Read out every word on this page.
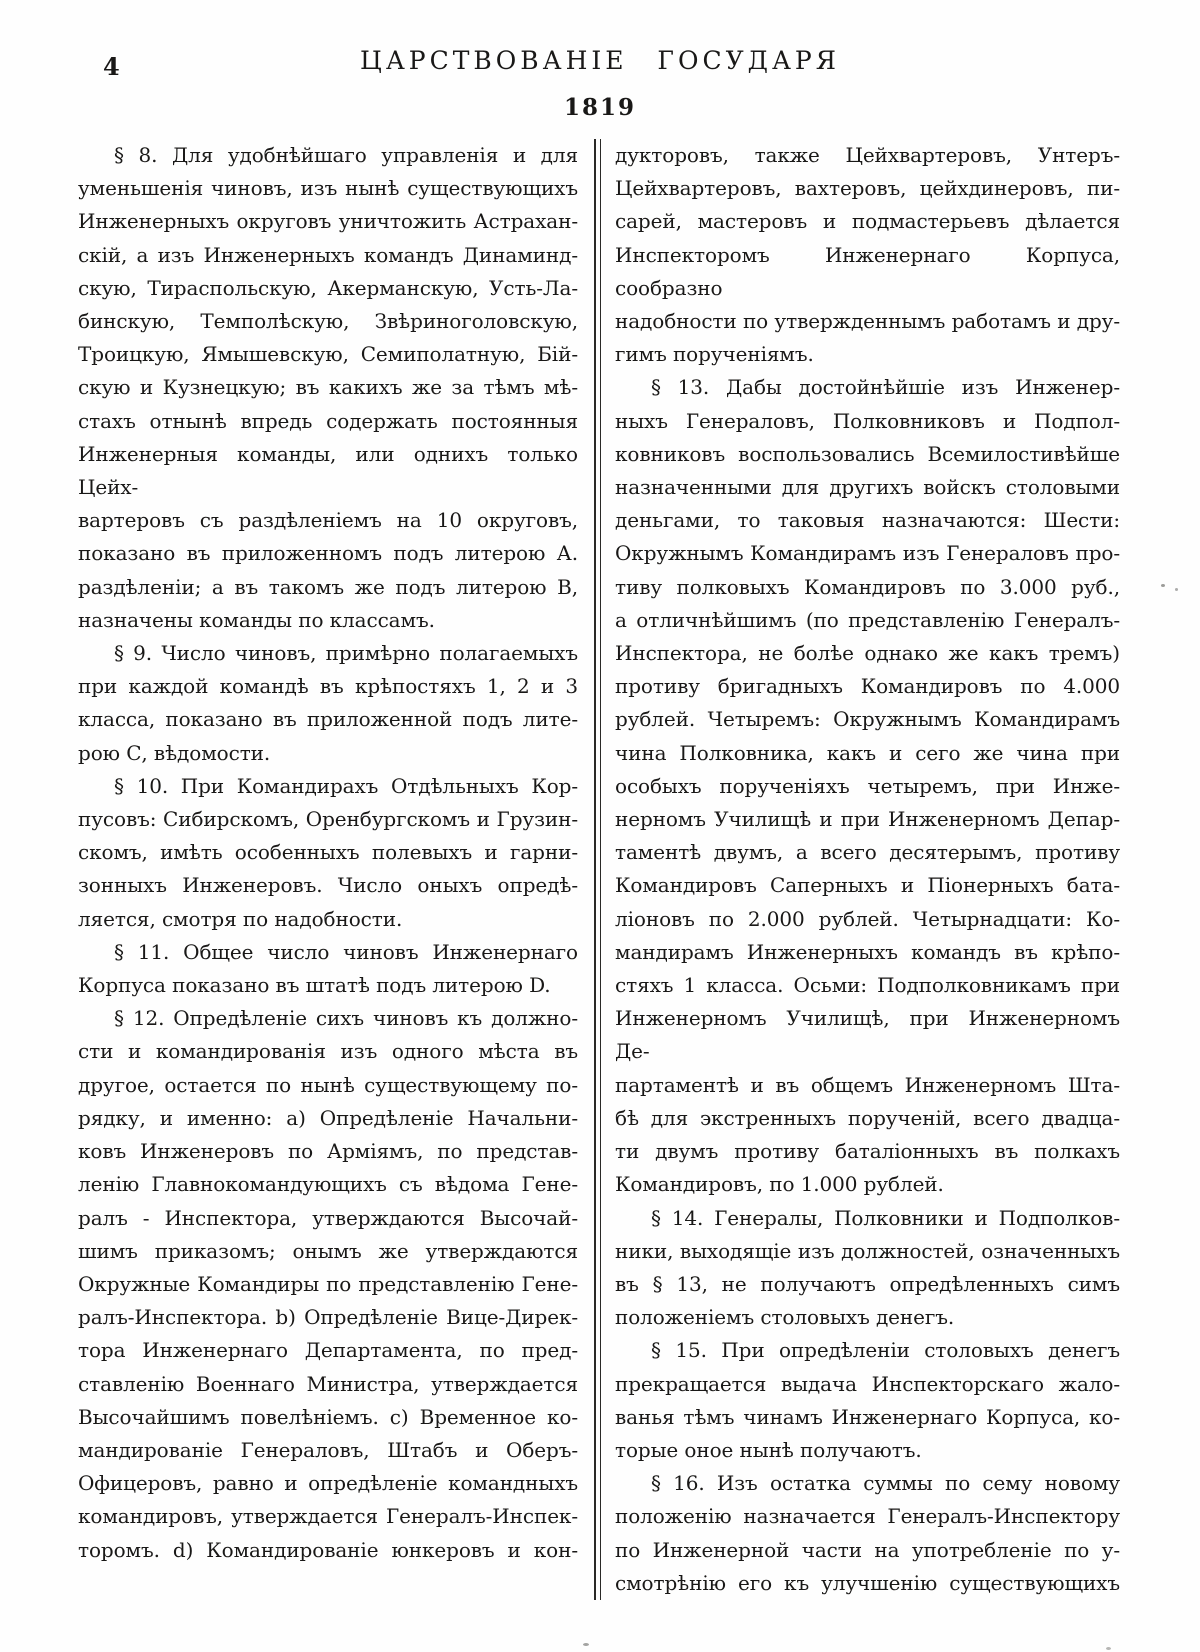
4	ЦАРСТВОВАНІЕ ГОСУДАРЯ
1819
§ 8. Для удобнѣйшаго управленія и для
уменьшенія чиновъ, изъ нынѣ существующихъ
Инженерныхъ округовъ уничтожить Астрахан-
скій, а изъ Инженерныхъ командъ Динаминд-
скую, Тираспольскую, Акерманскую, Усть-Ла-
бинскую, Темполѣскую, Звѣриноголовскую,
Троицкую, Ямышевскую, Семиполатную, Бій-
скую и Кузнецкую; въ какихъ же за тѣмъ мѣ-
стахъ отнынѣ впредь содержать постоянныя
Инженерныя команды, или однихъ только Цейх-
вартеровъ съ раздѣленіемъ на 10 округовъ,
показано въ приложенномъ подъ литерою А.
раздѣленіи; а въ такомъ же подъ литерою В,
назначены команды по классамъ.
§ 9. Число чиновъ, примѣрно полагаемыхъ
при каждой командѣ въ крѣпостяхъ 1, 2 и 3
класса, показано въ приложенной подъ лите-
рою С, вѣдомости.
§ 10. При Командирахъ Отдѣльныхъ Кор-
пусовъ: Сибирскомъ, Оренбургскомъ и Грузин-
скомъ, имѣть особенныхъ полевыхъ и гарни-
зонныхъ Инженеровъ. Число оныхъ опредѣ-
ляется, смотря по надобности.
§ 11. Общее число чиновъ Инженернаго
Корпуса показано въ штатѣ подъ литерою D.
§ 12. Опредѣленіе сихъ чиновъ къ должно-
сти и командированія изъ одного мѣста въ
другое, остается по нынѣ существующему по-
рядку, и именно: а) Опредѣленіе Начальни-
ковъ Инженеровъ по Арміямъ, по представ-
ленію Главнокомандующихъ съ вѣдома Гене-
ралъ - Инспектора, утверждаются Высочай-
шимъ приказомъ; онымъ же утверждаются
Окружные Командиры по представленію Гене-
ралъ-Инспектора. b) Опредѣленіе Вице-Дирек-
тора Инженернаго Департамента, по пред-
ставленію Военнаго Министра, утверждается
Высочайшимъ повелѣніемъ. c) Временное ко-
мандированіе Генераловъ, Штабъ и Оберъ-
Офицеровъ, равно и опредѣленіе командныхъ
командировъ, утверждается Генералъ-Инспек-
торомъ. d) Командированіе юнкеровъ и кон-
дукторовъ, также Цейхвартеровъ, Унтеръ-
Цейхвартеровъ, вахтеровъ, цейхдинеровъ, пи-
сарей, мастеровъ и подмастерьевъ дѣлается
Инспекторомъ Инженернаго Корпуса, сообразно
надобности по утвержденнымъ работамъ и дру-
гимъ порученіямъ.
§ 13. Дабы достойнѣйшіе изъ Инженер-
ныхъ Генераловъ, Полковниковъ и Подпол-
ковниковъ воспользовались Всемилостивѣйше
назначенными для другихъ войскъ столовыми
деньгами, то таковыя назначаются: Шести:
Окружнымъ Командирамъ изъ Генераловъ про-
тиву полковыхъ Командировъ по 3.000 руб.,
а отличнѣйшимъ (по представленію Генералъ-
Инспектора, не болѣе однако же какъ тремъ)
противу бригадныхъ Командировъ по 4.000
рублей. Четыремъ: Окружнымъ Командирамъ
чина Полковника, какъ и сего же чина при
особыхъ порученіяхъ четыремъ, при Инже-
нерномъ Училищѣ и при Инженерномъ Депар-
таментѣ двумъ, а всего десятерымъ, противу
Командировъ Саперныхъ и Піонерныхъ бата-
ліоновъ по 2.000 рублей. Четырнадцати: Ко-
мандирамъ Инженерныхъ командъ въ крѣпо-
стяхъ 1 класса. Осьми: Подполковникамъ при
Инженерномъ Училищѣ, при Инженерномъ Де-
партаментѣ и въ общемъ Инженерномъ Шта-
бѣ для экстренныхъ порученій, всего двадца-
ти двумъ противу баталіонныхъ въ полкахъ
Командировъ, по 1.000 рублей.
§ 14. Генералы, Полковники и Подполков-
ники, выходящіе изъ должностей, означенныхъ
въ § 13, не получаютъ опредѣленныхъ симъ
положеніемъ столовыхъ денегъ.
§ 15. При опредѣленіи столовыхъ денегъ
прекращается выдача Инспекторскаго жало-
ванья тѣмъ чинамъ Инженернаго Корпуса, ко-
торые оное нынѣ получаютъ.
§ 16. Изъ остатка суммы по сему новому
положенію назначается Генералъ-Инспектору
по Инженерной части на употребленіе по у-
смотрѣнію его къ улучшенію существующихъ
